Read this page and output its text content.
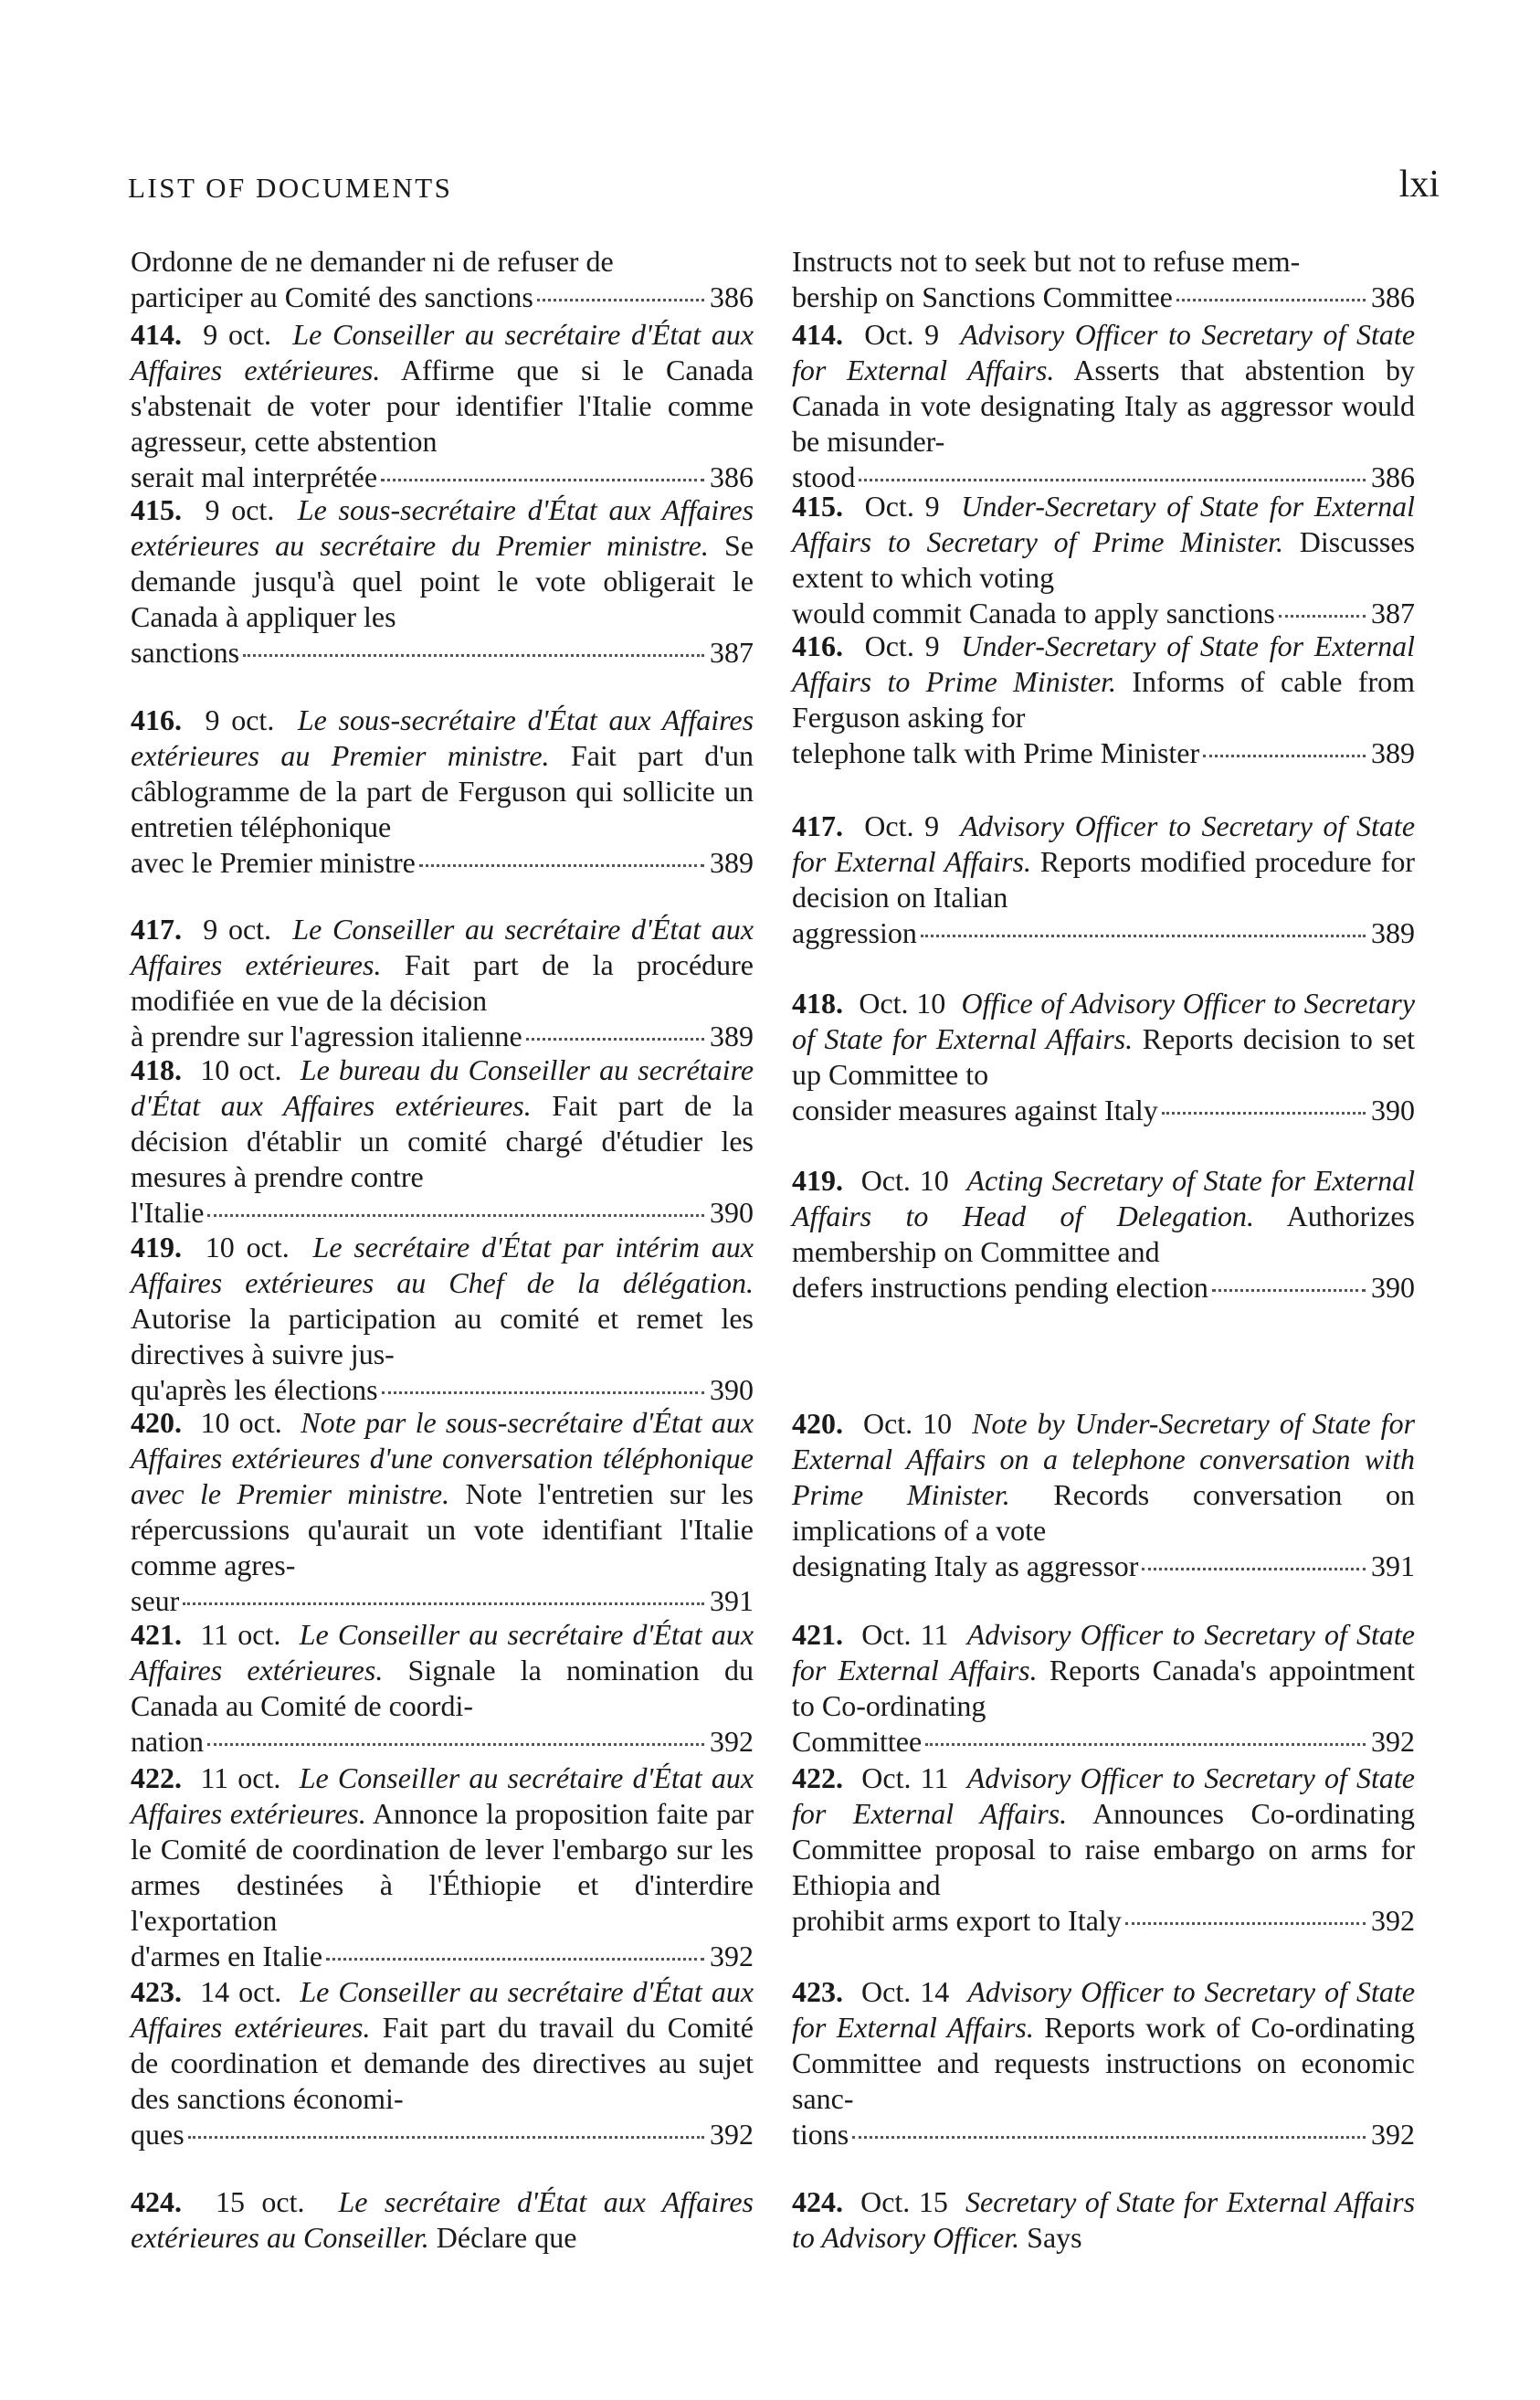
LIST OF DOCUMENTS	lxi

Ordonne de ne demander ni de refuser de

participer au Comité des sanctions	386

414. 9 oct. Le Conseiller au secrétaire d'État aux Affaires extérieures. Affirme que si le Canada s'abstenait de voter pour identifier l'Italie comme agresseur, cette abstention

serait mal interprétée	386

415. 9 oct. Le sous-secrétaire d'État aux Affaires extérieures au secrétaire du Premier ministre. Se demande jusqu'à quel point le vote obligerait le Canada à appliquer les

sanctions	387

416. 9 oct. Le sous-secrétaire d'État aux Affaires extérieures au Premier ministre. Fait part d'un câblogramme de la part de Ferguson qui sollicite un entretien téléphonique

avec le Premier ministre	389

417. 9 oct. Le Conseiller au secrétaire d'État aux Affaires extérieures. Fait part de la procédure modifiée en vue de la décision

à prendre sur l'agression italienne	389

418. 10 oct. Le bureau du Conseiller au secrétaire d'État aux Affaires extérieures. Fait part de la décision d'établir un comité chargé d'étudier les mesures à prendre contre

l'Italie	390

419. 10 oct. Le secrétaire d'État par intérim aux Affaires extérieures au Chef de la délégation. Autorise la participation au comité et remet les directives à suivre jus-

qu'après les élections	390

420. 10 oct. Note par le sous-secrétaire d'État aux Affaires extérieures d'une conversation téléphonique avec le Premier ministre. Note l'entretien sur les répercussions qu'aurait un vote identifiant l'Italie comme agres-

seur	391

421. 11 oct. Le Conseiller au secrétaire d'État aux Affaires extérieures. Signale la nomination du Canada au Comité de coordi-

nation	392

422. 11 oct. Le Conseiller au secrétaire d'État aux Affaires extérieures. Annonce la proposition faite par le Comité de coordination de lever l'embargo sur les armes destinées à l'Éthiopie et d'interdire l'exportation

d'armes en Italie	392

423. 14 oct. Le Conseiller au secrétaire d'État aux Affaires extérieures. Fait part du travail du Comité de coordination et demande des directives au sujet des sanctions économi-

ques	392

424. 15 oct. Le secrétaire d'État aux Affaires extérieures au Conseiller. Déclare que

Instructs not to seek but not to refuse mem-

bership on Sanctions Committee	386

414. Oct. 9 Advisory Officer to Secretary of State for External Affairs. Asserts that abstention by Canada in vote designating Italy as aggressor would be misunder-

stood	386

415. Oct. 9 Under-Secretary of State for External Affairs to Secretary of Prime Minister. Discusses extent to which voting

would commit Canada to apply sanctions	387

416. Oct. 9 Under-Secretary of State for External Affairs to Prime Minister. Informs of cable from Ferguson asking for

telephone talk with Prime Minister	389

417. Oct. 9 Advisory Officer to Secretary of State for External Affairs. Reports modified procedure for decision on Italian

aggression	389

418. Oct. 10 Office of Advisory Officer to Secretary of State for External Affairs. Reports decision to set up Committee to

consider measures against Italy	390

419. Oct. 10 Acting Secretary of State for External Affairs to Head of Delegation. Authorizes membership on Committee and

defers instructions pending election	390

420. Oct. 10 Note by Under-Secretary of State for External Affairs on a telephone conversation with Prime Minister. Records conversation on implications of a vote

designating Italy as aggressor	391

421. Oct. 11 Advisory Officer to Secretary of State for External Affairs. Reports Canada's appointment to Co-ordinating

Committee	392

422. Oct. 11 Advisory Officer to Secretary of State for External Affairs. Announces Co-ordinating Committee proposal to raise embargo on arms for Ethiopia and

prohibit arms export to Italy	392

423. Oct. 14 Advisory Officer to Secretary of State for External Affairs. Reports work of Co-ordinating Committee and requests instructions on economic sanc-

tions	392

424. Oct. 15 Secretary of State for External Affairs to Advisory Officer. Says
